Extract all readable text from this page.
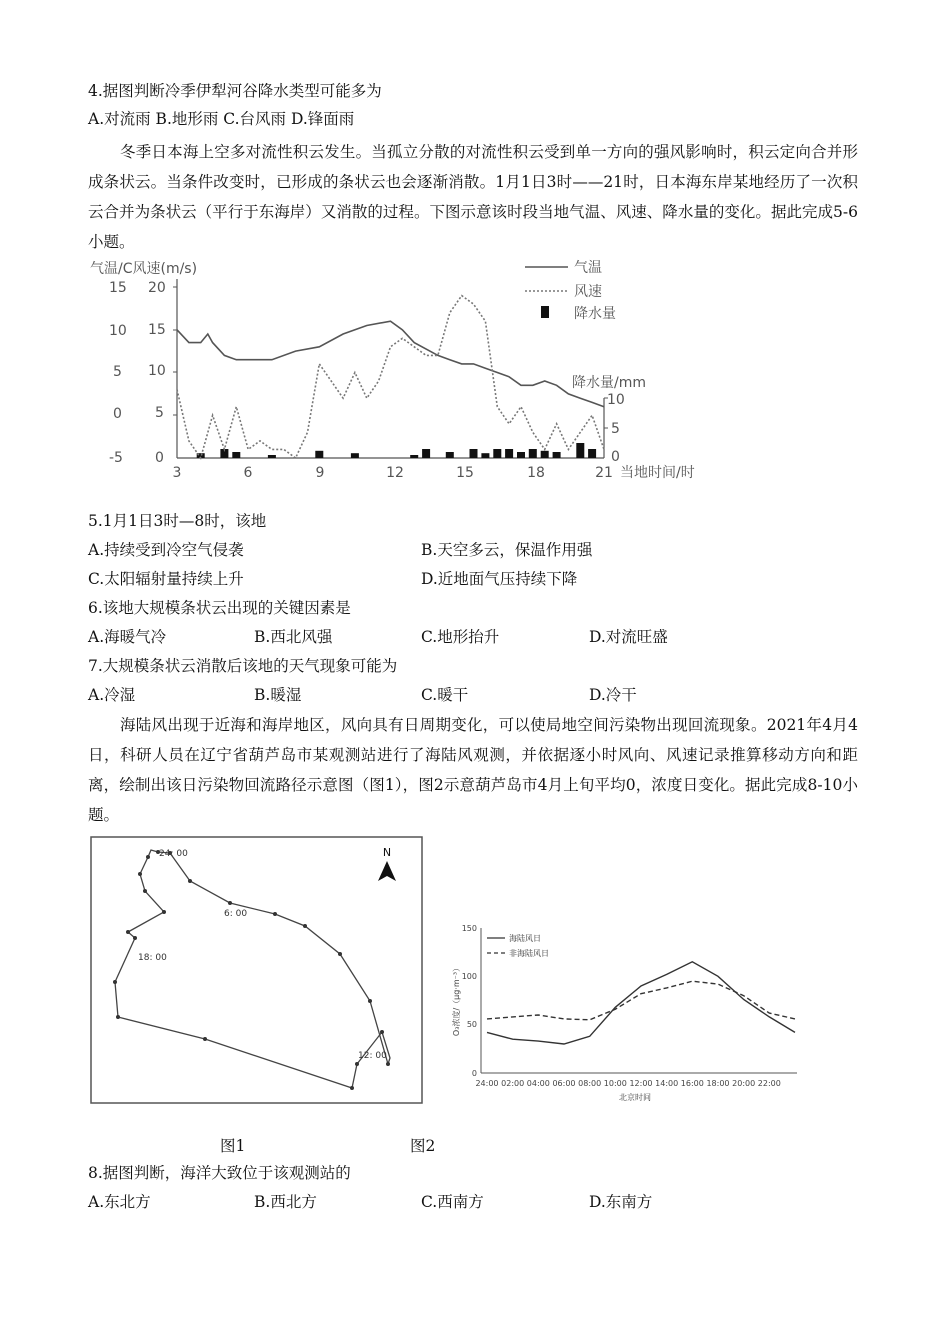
4.据图判断冷季伊犁河谷降水类型可能多为
A.对流雨 B.地形雨 C.台风雨 D.锋面雨
冬季日本海上空多对流性积云发生。当孤立分散的对流性积云受到单一方向的强风影响时，积云定向合并形成条状云。当条件改变时，已形成的条状云也会逐渐消散。1月1日3时——21时，日本海东岸某地经历了一次积云合并为条状云（平行于东海岸）又消散的过程。下图示意该时段当地气温、风速、降水量的变化。据此完成5-6小题。
气温/C风速(m/s)
15
10
5
0
-5
20
15
10
5
0
降水量/mm
10
5
0
当地时间/时
3	6	9	12	15	18	21
气温
风速
降水量
5.1月1日3时—8时，该地
A.持续受到冷空气侵袭	B.天空多云，保温作用强
C.太阳辐射量持续上升	D.近地面气压持续下降
6.该地大规模条状云出现的关键因素是
A.海暖气冷	B.西北风强	C.地形抬升	D.对流旺盛
7.大规模条状云消散后该地的天气现象可能为
A.冷湿	B.暖湿	C.暖干	D.冷干
海陆风出现于近海和海岸地区，风向具有日周期变化，可以使局地空间污染物出现回流现象。2021年4月4日，科研人员在辽宁省葫芦岛市某观测站进行了海陆风观测，并依据逐小时风向、风速记录推算移动方向和距离，绘制出该日污染物回流路径示意图（图1），图2示意葫芦岛市4月上旬平均0，浓度日变化。据此完成8-10小题。
24: 00
6: 00
18: 00
12: 00
N
150
100
50
0
O₃浓度/（μg·m⁻³）
24:00 02:00 04:00 06:00 08:00 10:00 12:00 14:00 16:00 18:00 20:00 22:00
北京时间
海陆风日
非海陆风日
图1	图2
8.据图判断，海洋大致位于该观测站的
A.东北方	B.西北方	C.西南方	D.东南方
